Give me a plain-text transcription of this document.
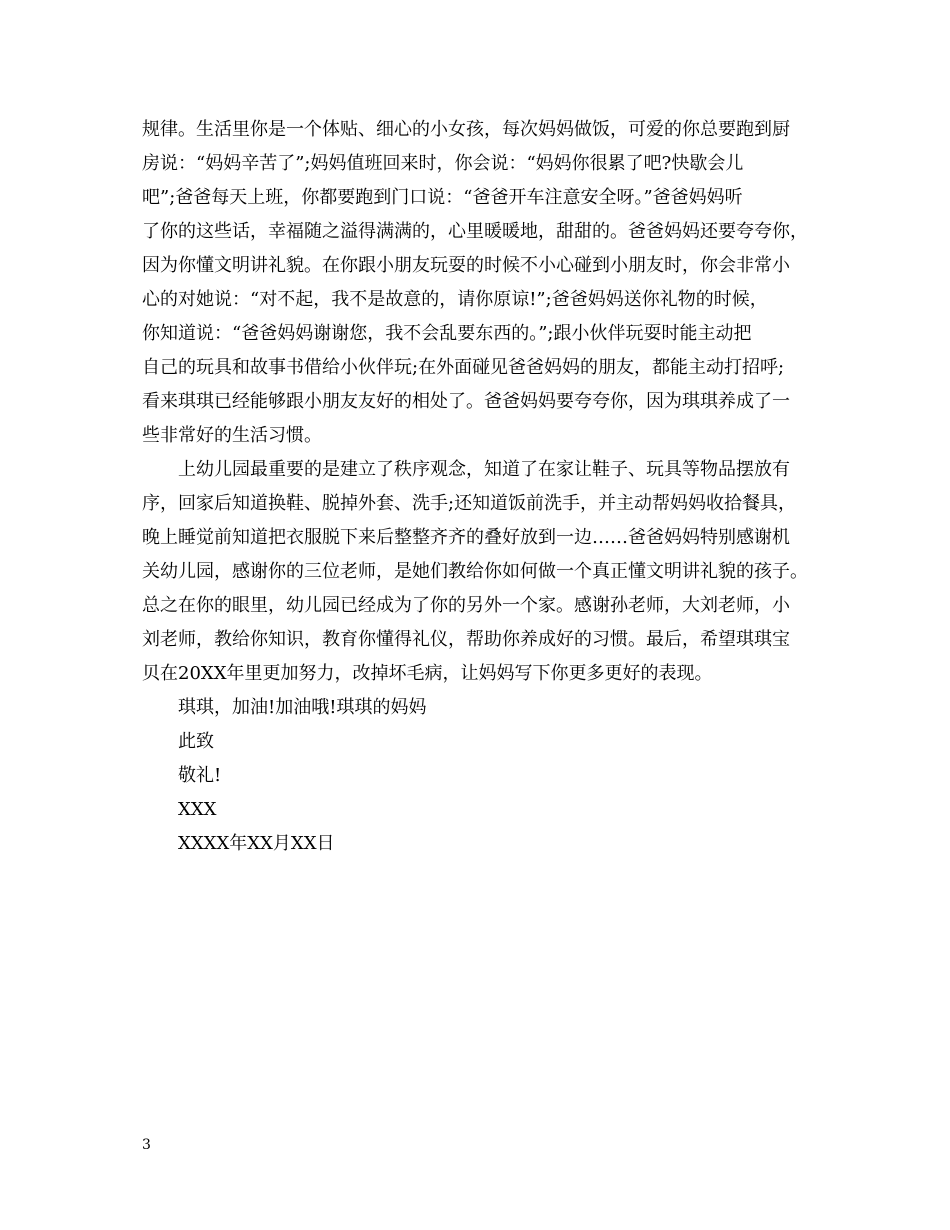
规律。生活里你是一个体贴、细心的小女孩，每次妈妈做饭，可爱的你总要跑到厨
房说：“妈妈辛苦了”;妈妈值班回来时，你会说：“妈妈你很累了吧?快歇会儿
吧”;爸爸每天上班，你都要跑到门口说：“爸爸开车注意安全呀。”爸爸妈妈听
了你的这些话，幸福随之溢得满满的，心里暖暖地，甜甜的。爸爸妈妈还要夸夸你，
因为你懂文明讲礼貌。在你跟小朋友玩耍的时候不小心碰到小朋友时，你会非常小
心的对她说：“对不起，我不是故意的，请你原谅!”;爸爸妈妈送你礼物的时候，
你知道说：“爸爸妈妈谢谢您，我不会乱要东西的。”;跟小伙伴玩耍时能主动把
自己的玩具和故事书借给小伙伴玩;在外面碰见爸爸妈妈的朋友，都能主动打招呼;
看来琪琪已经能够跟小朋友友好的相处了。爸爸妈妈要夸夸你，因为琪琪养成了一
些非常好的生活习惯。
上幼儿园最重要的是建立了秩序观念，知道了在家让鞋子、玩具等物品摆放有
序，回家后知道换鞋、脱掉外套、洗手;还知道饭前洗手，并主动帮妈妈收拾餐具，
晚上睡觉前知道把衣服脱下来后整整齐齐的叠好放到一边……爸爸妈妈特别感谢机
关幼儿园，感谢你的三位老师，是她们教给你如何做一个真正懂文明讲礼貌的孩子。
总之在你的眼里，幼儿园已经成为了你的另外一个家。感谢孙老师，大刘老师，小
刘老师，教给你知识，教育你懂得礼仪，帮助你养成好的习惯。最后，希望琪琪宝
贝在20XX年里更加努力，改掉坏毛病，让妈妈写下你更多更好的表现。
琪琪，加油!加油哦!琪琪的妈妈
此致
敬礼!
XXX
XXXX年XX月XX日
3
